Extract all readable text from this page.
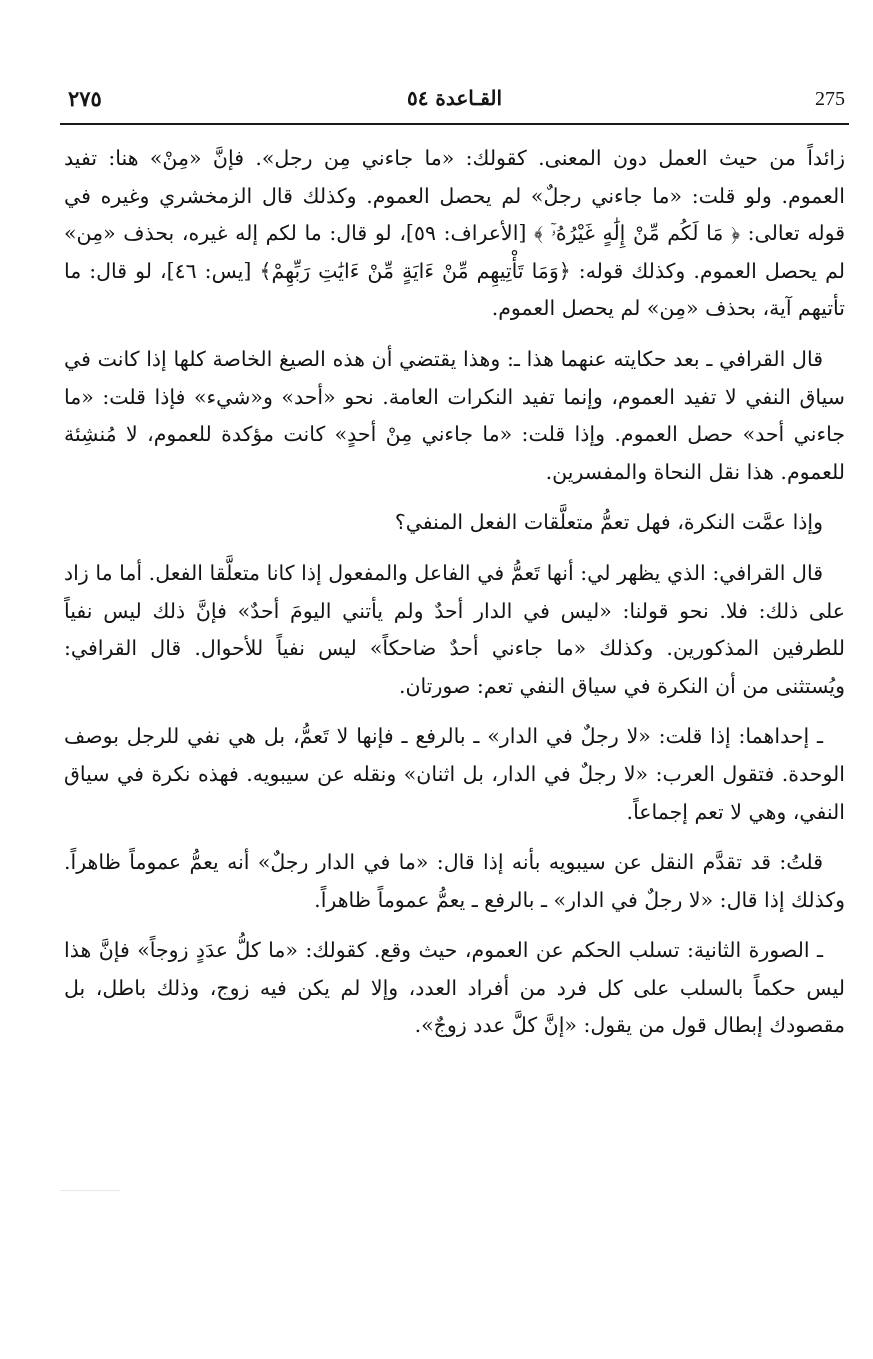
275
القـاعدة ٥٤
٢٧٥

زائداً من حيث العمل دون المعنى. كقولك: «ما جاءني مِن رجل». فإنَّ «مِنْ» هنا: تفيد العموم. ولو قلت: «ما جاءني رجلٌ» لم يحصل العموم. وكذلك قال الزمخشري وغيره في قوله تعالى: ﴿ مَا لَكُم مِّنْ إِلَٰهٍ غَيْرُهُۥٓ ﴾ [الأعراف: ٥٩]، لو قال: ما لكم إله غيره، بحذف «مِن» لم يحصل العموم. وكذلك قوله: ﴿وَمَا تَأْتِيهِم مِّنْ ءَايَةٍ مِّنْ ءَايَٰتِ رَبِّهِمْ﴾ [يس: ٤٦]، لو قال: ما تأتيهم آية، بحذف «مِن» لم يحصل العموم.

قال القرافي ـ بعد حكايته عنهما هذا ـ: وهذا يقتضي أن هذه الصيغ الخاصة كلها إذا كانت في سياق النفي لا تفيد العموم، وإنما تفيد النكرات العامة. نحو «أحد» و«شيء» فإذا قلت: «ما جاءني أحد» حصل العموم. وإذا قلت: «ما جاءني مِنْ أحدٍ» كانت مؤكدة للعموم، لا مُنشِئة للعموم. هذا نقل النحاة والمفسرين.

وإذا عمَّت النكرة، فهل تعمُّ متعلَّقات الفعل المنفي؟

قال القرافي: الذي يظهر لي: أنها تَعمُّ في الفاعل والمفعول إذا كانا متعلَّقا الفعل. أما ما زاد على ذلك: فلا. نحو قولنا: «ليس في الدار أحدٌ ولم يأتني اليومَ أحدٌ» فإنَّ ذلك ليس نفياً للطرفين المذكورين. وكذلك «ما جاءني أحدٌ ضاحكاً» ليس نفياً للأحوال. قال القرافي: ويُستثنى من أن النكرة في سياق النفي تعم: صورتان.

ـ إحداهما: إذا قلت: «لا رجلٌ في الدار» ـ بالرفع ـ فإنها لا تَعمُّ، بل هي نفي للرجل بوصف الوحدة. فتقول العرب: «لا رجلٌ في الدار، بل اثنان» ونقله عن سيبويه. فهذه نكرة في سياق النفي، وهي لا تعم إجماعاً.

قلتُ: قد تقدَّم النقل عن سيبويه بأنه إذا قال: «ما في الدار رجلٌ» أنه يعمُّ عموماً ظاهراً. وكذلك إذا قال: «لا رجلٌ في الدار» ـ بالرفع ـ يعمُّ عموماً ظاهراً.

ـ الصورة الثانية: تسلب الحكم عن العموم، حيث وقع. كقولك: «ما كلُّ عدَدٍ زوجاً» فإنَّ هذا ليس حكماً بالسلب على كل فرد من أفراد العدد، وإلا لم يكن فيه زوج، وذلك باطل، بل مقصودك إبطال قول من يقول: «إنَّ كلَّ عدد زوجٌ».
